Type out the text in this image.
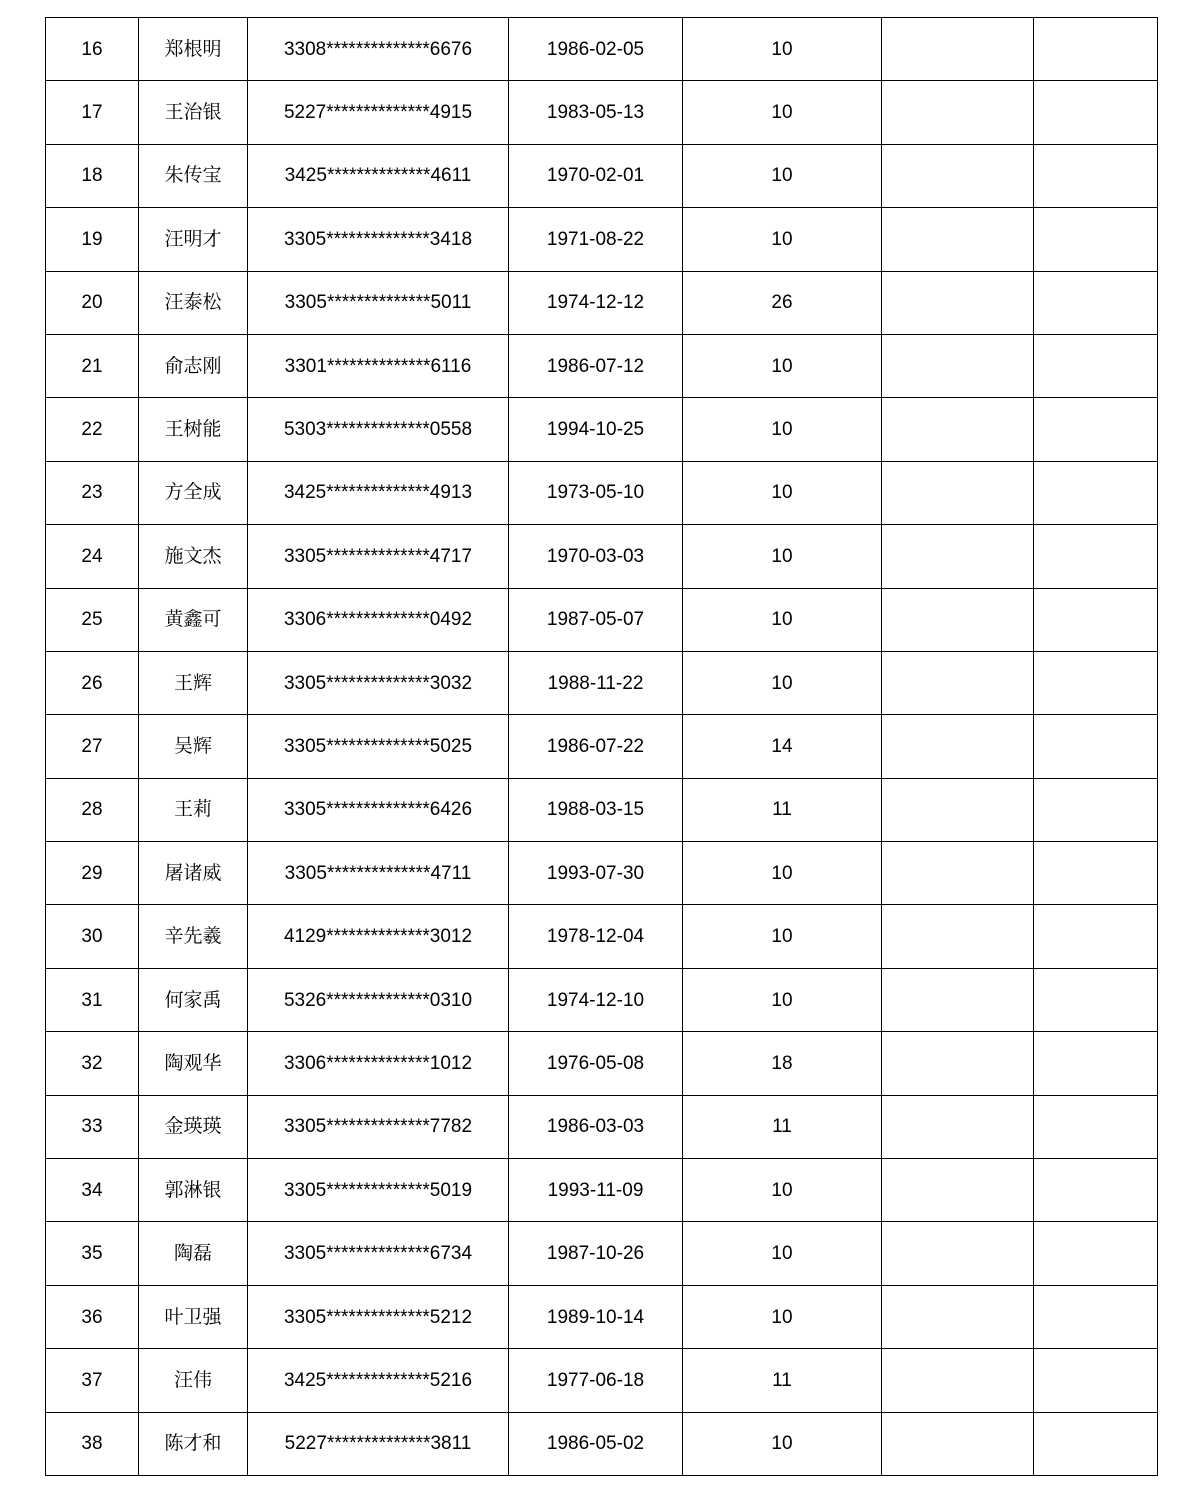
16	郑根明	3308**************6676	1986-02-05	10		
17	王治银	5227**************4915	1983-05-13	10		
18	朱传宝	3425**************4611	1970-02-01	10		
19	汪明才	3305**************3418	1971-08-22	10		
20	汪泰松	3305**************5011	1974-12-12	26		
21	俞志刚	3301**************6116	1986-07-12	10		
22	王树能	5303**************0558	1994-10-25	10		
23	方全成	3425**************4913	1973-05-10	10		
24	施文杰	3305**************4717	1970-03-03	10		
25	黄鑫可	3306**************0492	1987-05-07	10		
26	王辉	3305**************3032	1988-11-22	10		
27	吴辉	3305**************5025	1986-07-22	14		
28	王莉	3305**************6426	1988-03-15	11		
29	屠诸威	3305**************4711	1993-07-30	10		
30	辛先羲	4129**************3012	1978-12-04	10		
31	何家禹	5326**************0310	1974-12-10	10		
32	陶观华	3306**************1012	1976-05-08	18		
33	金瑛瑛	3305**************7782	1986-03-03	11		
34	郭淋银	3305**************5019	1993-11-09	10		
35	陶磊	3305**************6734	1987-10-26	10		
36	叶卫强	3305**************5212	1989-10-14	10		
37	汪伟	3425**************5216	1977-06-18	11		
38	陈才和	5227**************3811	1986-05-02	10		
